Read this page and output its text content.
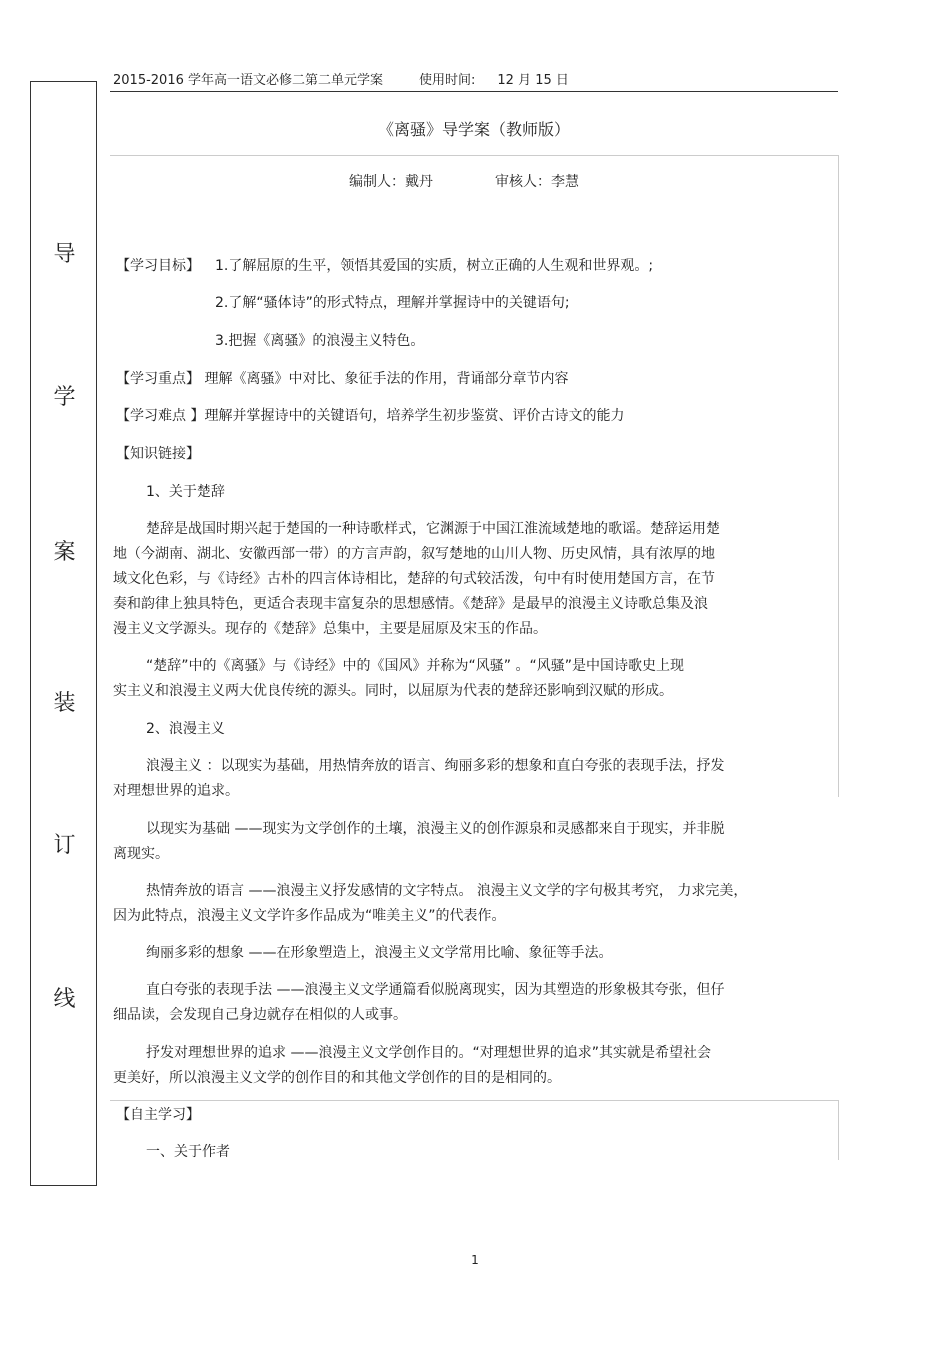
2015-2016 学年高一语文必修二第二单元学案	使用时间: 12 月 15 日
导
学
案
装
订
线
《离骚》导学案（教师版）
编制人：戴丹	审核人：李慧

【学习目标】 1.了解屈原的生平，领悟其爱国的实质，树立正确的人生观和世界观。;

2.了解“骚体诗”的形式特点，理解并掌握诗中的关键语句;

3.把握《离骚》的浪漫主义特色。

【学习重点】 理解《离骚》中对比、象征手法的作用，背诵部分章节内容

【学习难点 】理解并掌握诗中的关键语句，培养学生初步鉴赏、评价古诗文的能力

【知识链接】

1、关于楚辞

楚辞是战国时期兴起于楚国的一种诗歌样式，它渊源于中国江淮流域楚地的歌谣。楚辞运用楚

地（今湖南、湖北、安徽西部一带）的方言声韵，叙写楚地的山川人物、历史风情，具有浓厚的地

域文化色彩，与《诗经》古朴的四言体诗相比，楚辞的句式较活泼，句中有时使用楚国方言，在节

奏和韵律上独具特色，更适合表现丰富复杂的思想感情。《楚辞》是最早的浪漫主义诗歌总集及浪

漫主义文学源头。现存的《楚辞》总集中，主要是屈原及宋玉的作品。

“楚辞”中的《离骚》与《诗经》中的《国风》并称为“风骚” 。“风骚”是中国诗歌史上现

实主义和浪漫主义两大优良传统的源头。同时，以屈原为代表的楚辞还影响到汉赋的形成。

2、浪漫主义

浪漫主义 ：以现实为基础，用热情奔放的语言、绚丽多彩的想象和直白夸张的表现手法，抒发

对理想世界的追求。

以现实为基础 ——现实为文学创作的土壤，浪漫主义的创作源泉和灵感都来自于现实，并非脱

离现实。

热情奔放的语言 ——浪漫主义抒发感情的文字特点。 浪漫主义文学的字句极其考究， 力求完美，

因为此特点，浪漫主义文学许多作品成为“唯美主义”的代表作。

绚丽多彩的想象 ——在形象塑造上，浪漫主义文学常用比喻、象征等手法。

直白夸张的表现手法 ——浪漫主义文学通篇看似脱离现实，因为其塑造的形象极其夸张，但仔

细品读，会发现自己身边就存在相似的人或事。

抒发对理想世界的追求 ——浪漫主义文学创作目的。“对理想世界的追求”其实就是希望社会

更美好，所以浪漫主义文学的创作目的和其他文学创作的目的是相同的。

【自主学习】

一、关于作者

1
